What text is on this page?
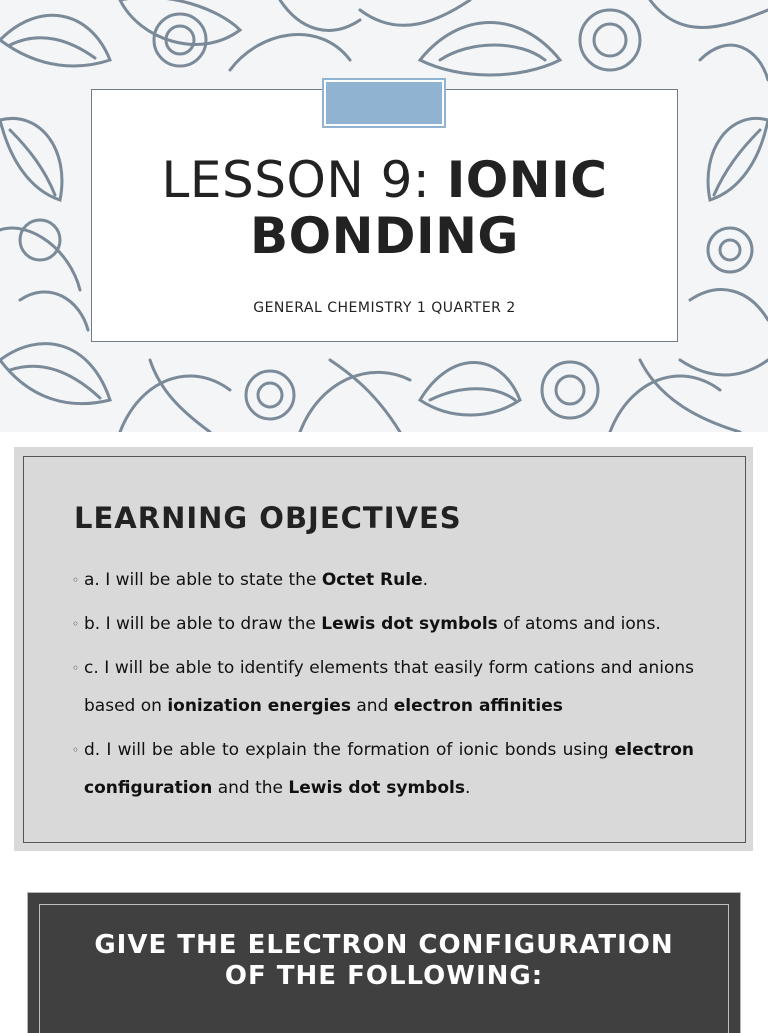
LESSON 9: IONIC BONDING
GENERAL CHEMISTRY 1 QUARTER 2
LEARNING OBJECTIVES
◦ a. I will be able to state the Octet Rule.
◦ b. I will be able to draw the Lewis dot symbols of atoms and ions.
◦ c. I will be able to identify elements that easily form cations and anions based on ionization energies and electron affinities
◦ d. I will be able to explain the formation of ionic bonds using electron configuration and the Lewis dot symbols.
GIVE THE ELECTRON CONFIGURATION
OF THE FOLLOWING:
